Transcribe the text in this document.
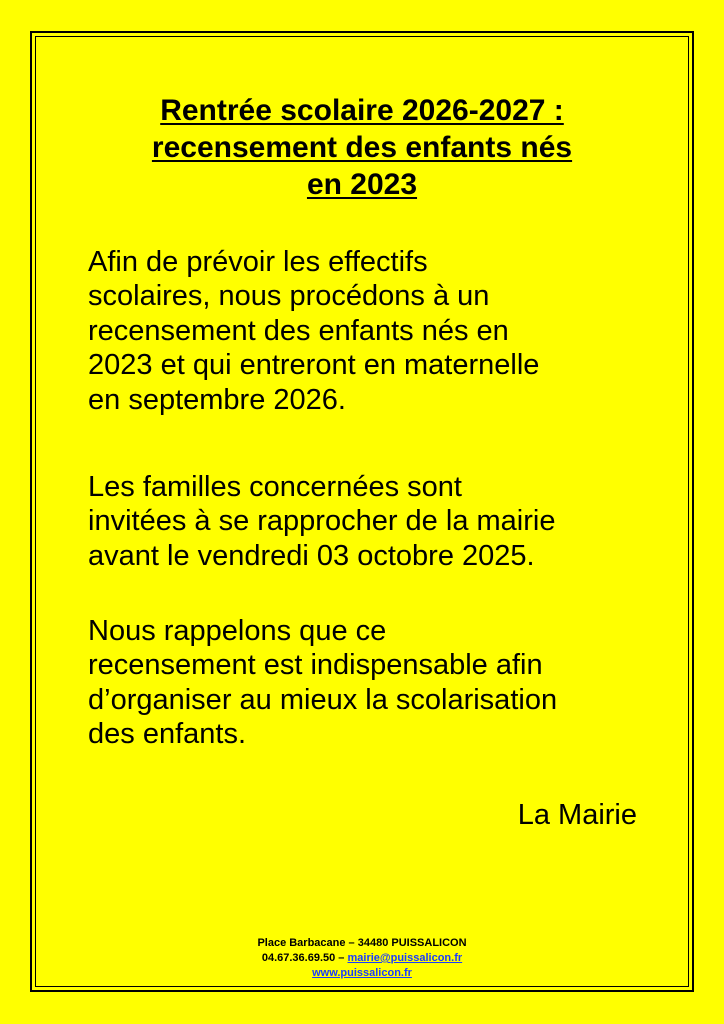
Rentrée scolaire 2026-2027 :
recensement des enfants nés
en 2023

Afin de prévoir les effectifs
scolaires, nous procédons à un
recensement des enfants nés en
2023 et qui entreront en maternelle
en septembre 2026.

Les familles concernées sont
invitées à se rapprocher de la mairie
avant le vendredi 03 octobre 2025.

Nous rappelons que ce
recensement est indispensable afin
d’organiser au mieux la scolarisation
des enfants.

La Mairie
Place Barbacane – 34480 PUISSALICON
04.67.36.69.50 – mairie@puissalicon.fr
www.puissalicon.fr
